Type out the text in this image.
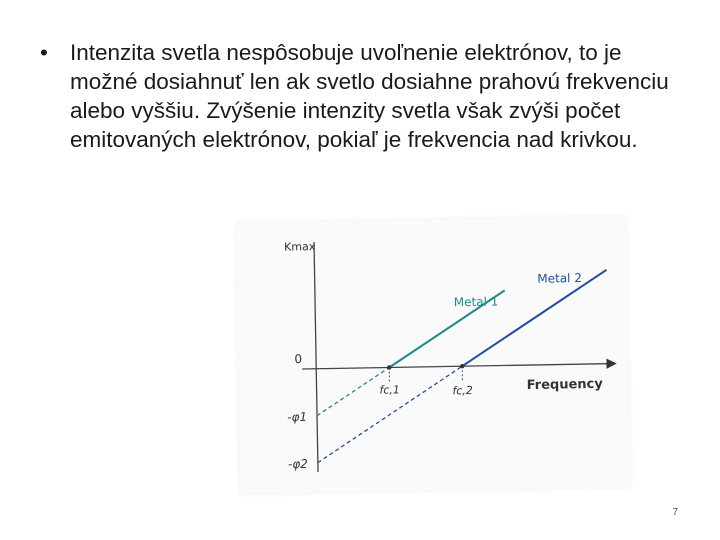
• Intenzita svetla nespôsobuje uvoľnenie elektrónov, to je možné dosiahnuť len ak svetlo dosiahne prahovú frekvenciu alebo vyššiu. Zvýšenie intenzity svetla však zvýši počet emitovaných elektrónov, pokiaľ je frekvencia nad krivkou.
Kmax
Frequency
0
-φ1
-φ2
fc,1	fc,2
Metal 1
Metal 2
7
